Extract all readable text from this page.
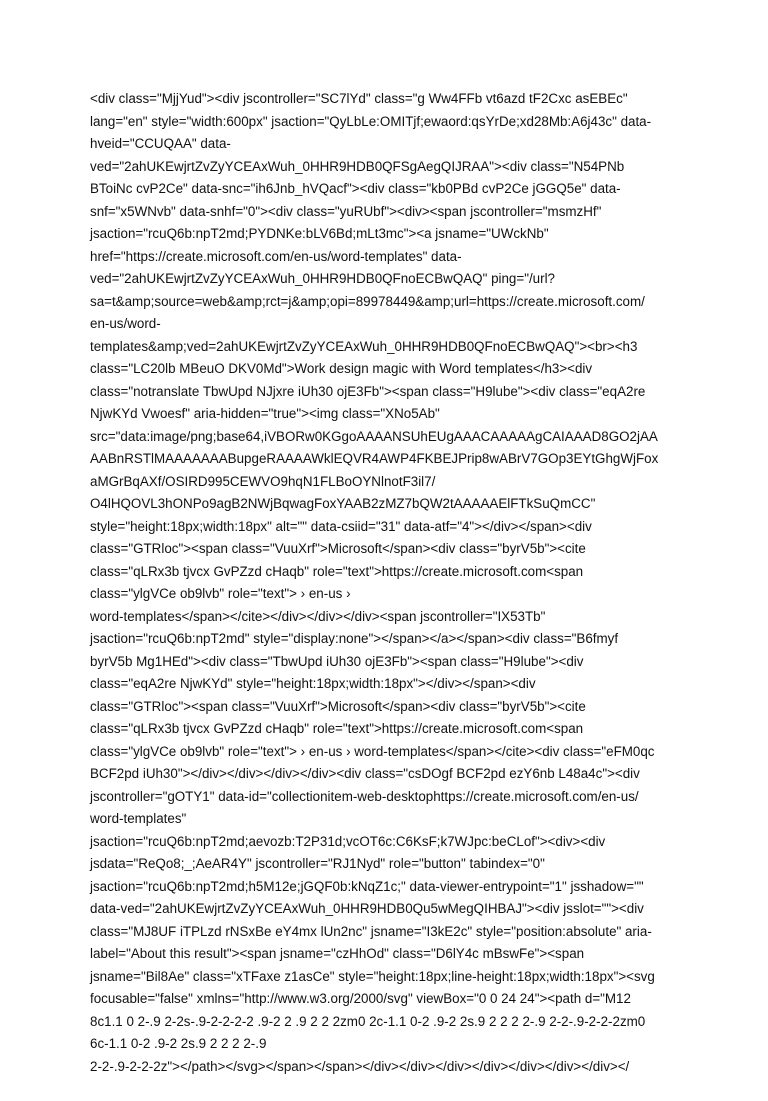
<div class="MjjYud"><div jscontroller="SC7lYd" class="g Ww4FFb vt6azd tF2Cxc asEBEc"
lang="en" style="width:600px" jsaction="QyLbLe:OMITjf;ewaord:qsYrDe;xd28Mb:A6j43c" data-
hveid="CCUQAA" data-
ved="2ahUKEwjrtZvZyYCEAxWuh_0HHR9HDB0QFSgAegQIJRAA"><div class="N54PNb
BToiNc cvP2Ce" data-snc="ih6Jnb_hVQacf"><div class="kb0PBd cvP2Ce jGGQ5e" data-
snf="x5WNvb" data-snhf="0"><div class="yuRUbf"><div><span jscontroller="msmzHf"
jsaction="rcuQ6b:npT2md;PYDNKe:bLV6Bd;mLt3mc"><a jsname="UWckNb"
href="https://create.microsoft.com/en-us/word-templates" data-
ved="2ahUKEwjrtZvZyYCEAxWuh_0HHR9HDB0QFnoECBwQAQ" ping="/url?
sa=t&amp;source=web&amp;rct=j&amp;opi=89978449&amp;url=https://create.microsoft.com/
en-us/word-
templates&amp;ved=2ahUKEwjrtZvZyYCEAxWuh_0HHR9HDB0QFnoECBwQAQ"><br><h3
class="LC20lb MBeuO DKV0Md">Work design magic with Word templates</h3><div
class="notranslate TbwUpd NJjxre iUh30 ojE3Fb"><span class="H9lube"><div class="eqA2re
NjwKYd Vwoesf" aria-hidden="true"><img class="XNo5Ab"
src="data:image/png;base64,iVBORw0KGgoAAAANSUhEUgAAACAAAAAgCAIAAAD8GO2jAA
AABnRSTlMAAAAAAABupgeRAAAAWklEQVR4AWP4FKBEJPrip8wABrV7GOp3EYtGhgWjFox
aMGrBqAXf/OSIRD995CEWVO9hqN1FLBoOYNlnotF3il7/
O4lHQOVL3hONPo9agB2NWjBqwagFoxYAAB2zMZ7bQW2tAAAAAElFTkSuQmCC"
style="height:18px;width:18px" alt="" data-csiid="31" data-atf="4"></div></span><div
class="GTRloc"><span class="VuuXrf">Microsoft</span><div class="byrV5b"><cite
class="qLRx3b tjvcx GvPZzd cHaqb" role="text">https://create.microsoft.com<span
class="ylgVCe ob9lvb" role="text"> › en-us ›
word-templates</span></cite></div></div></div><span jscontroller="IX53Tb"
jsaction="rcuQ6b:npT2md" style="display:none"></span></a></span><div class="B6fmyf
byrV5b Mg1HEd"><div class="TbwUpd iUh30 ojE3Fb"><span class="H9lube"><div
class="eqA2re NjwKYd" style="height:18px;width:18px"></div></span><div
class="GTRloc"><span class="VuuXrf">Microsoft</span><div class="byrV5b"><cite
class="qLRx3b tjvcx GvPZzd cHaqb" role="text">https://create.microsoft.com<span
class="ylgVCe ob9lvb" role="text"> › en-us › word-templates</span></cite><div class="eFM0qc
BCF2pd iUh30"></div></div></div></div><div class="csDOgf BCF2pd ezY6nb L48a4c"><div
jscontroller="gOTY1" data-id="collectionitem-web-desktophttps://create.microsoft.com/en-us/
word-templates"
jsaction="rcuQ6b:npT2md;aevozb:T2P31d;vcOT6c:C6KsF;k7WJpc:beCLof"><div><div
jsdata="ReQo8;_;AeAR4Y" jscontroller="RJ1Nyd" role="button" tabindex="0"
jsaction="rcuQ6b:npT2md;h5M12e;jGQF0b:kNqZ1c;" data-viewer-entrypoint="1" jsshadow=""
data-ved="2ahUKEwjrtZvZyYCEAxWuh_0HHR9HDB0Qu5wMegQIHBAJ"><div jsslot=""><div
class="MJ8UF iTPLzd rNSxBe eY4mx lUn2nc" jsname="I3kE2c" style="position:absolute" aria-
label="About this result"><span jsname="czHhOd" class="D6lY4c mBswFe"><span
jsname="Bil8Ae" class="xTFaxe z1asCe" style="height:18px;line-height:18px;width:18px"><svg
focusable="false" xmlns="http://www.w3.org/2000/svg" viewBox="0 0 24 24"><path d="M12
8c1.1 0 2-.9 2-2s-.9-2-2-2-2 .9-2 2 .9 2 2 2zm0 2c-1.1 0-2 .9-2 2s.9 2 2 2 2-.9 2-2-.9-2-2-2zm0
6c-1.1 0-2 .9-2 2s.9 2 2 2 2-.9
2-2-.9-2-2-2z"></path></svg></span></span></div></div></div></div></div></div></div></
